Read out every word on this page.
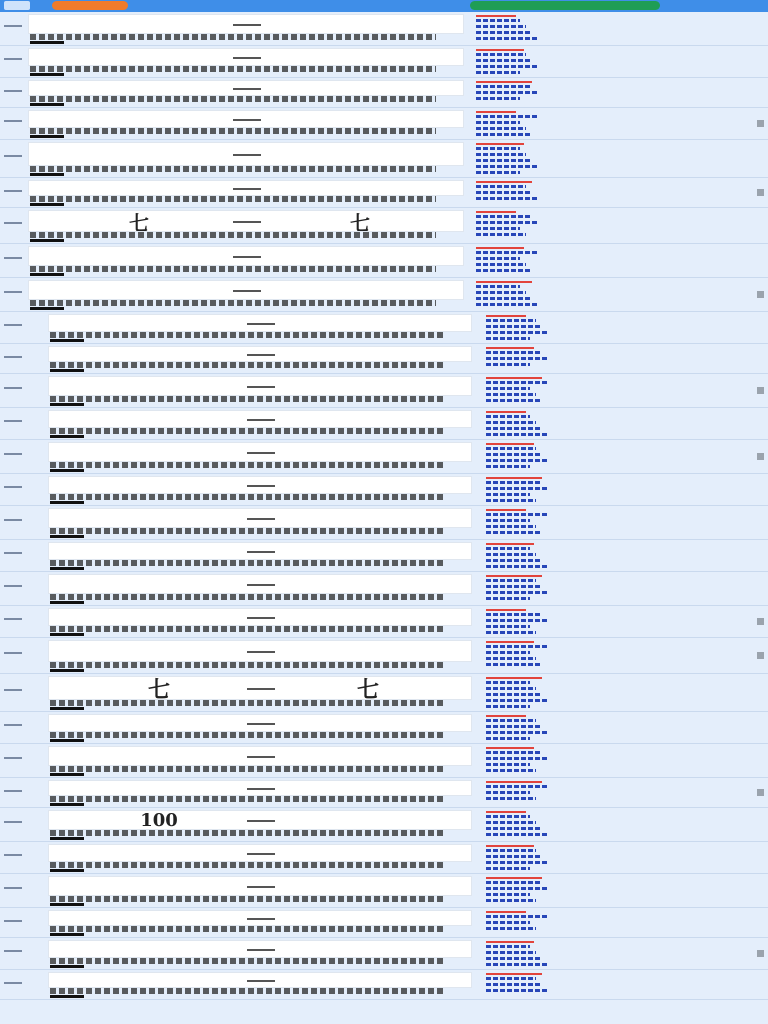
七	七
七	七
100
